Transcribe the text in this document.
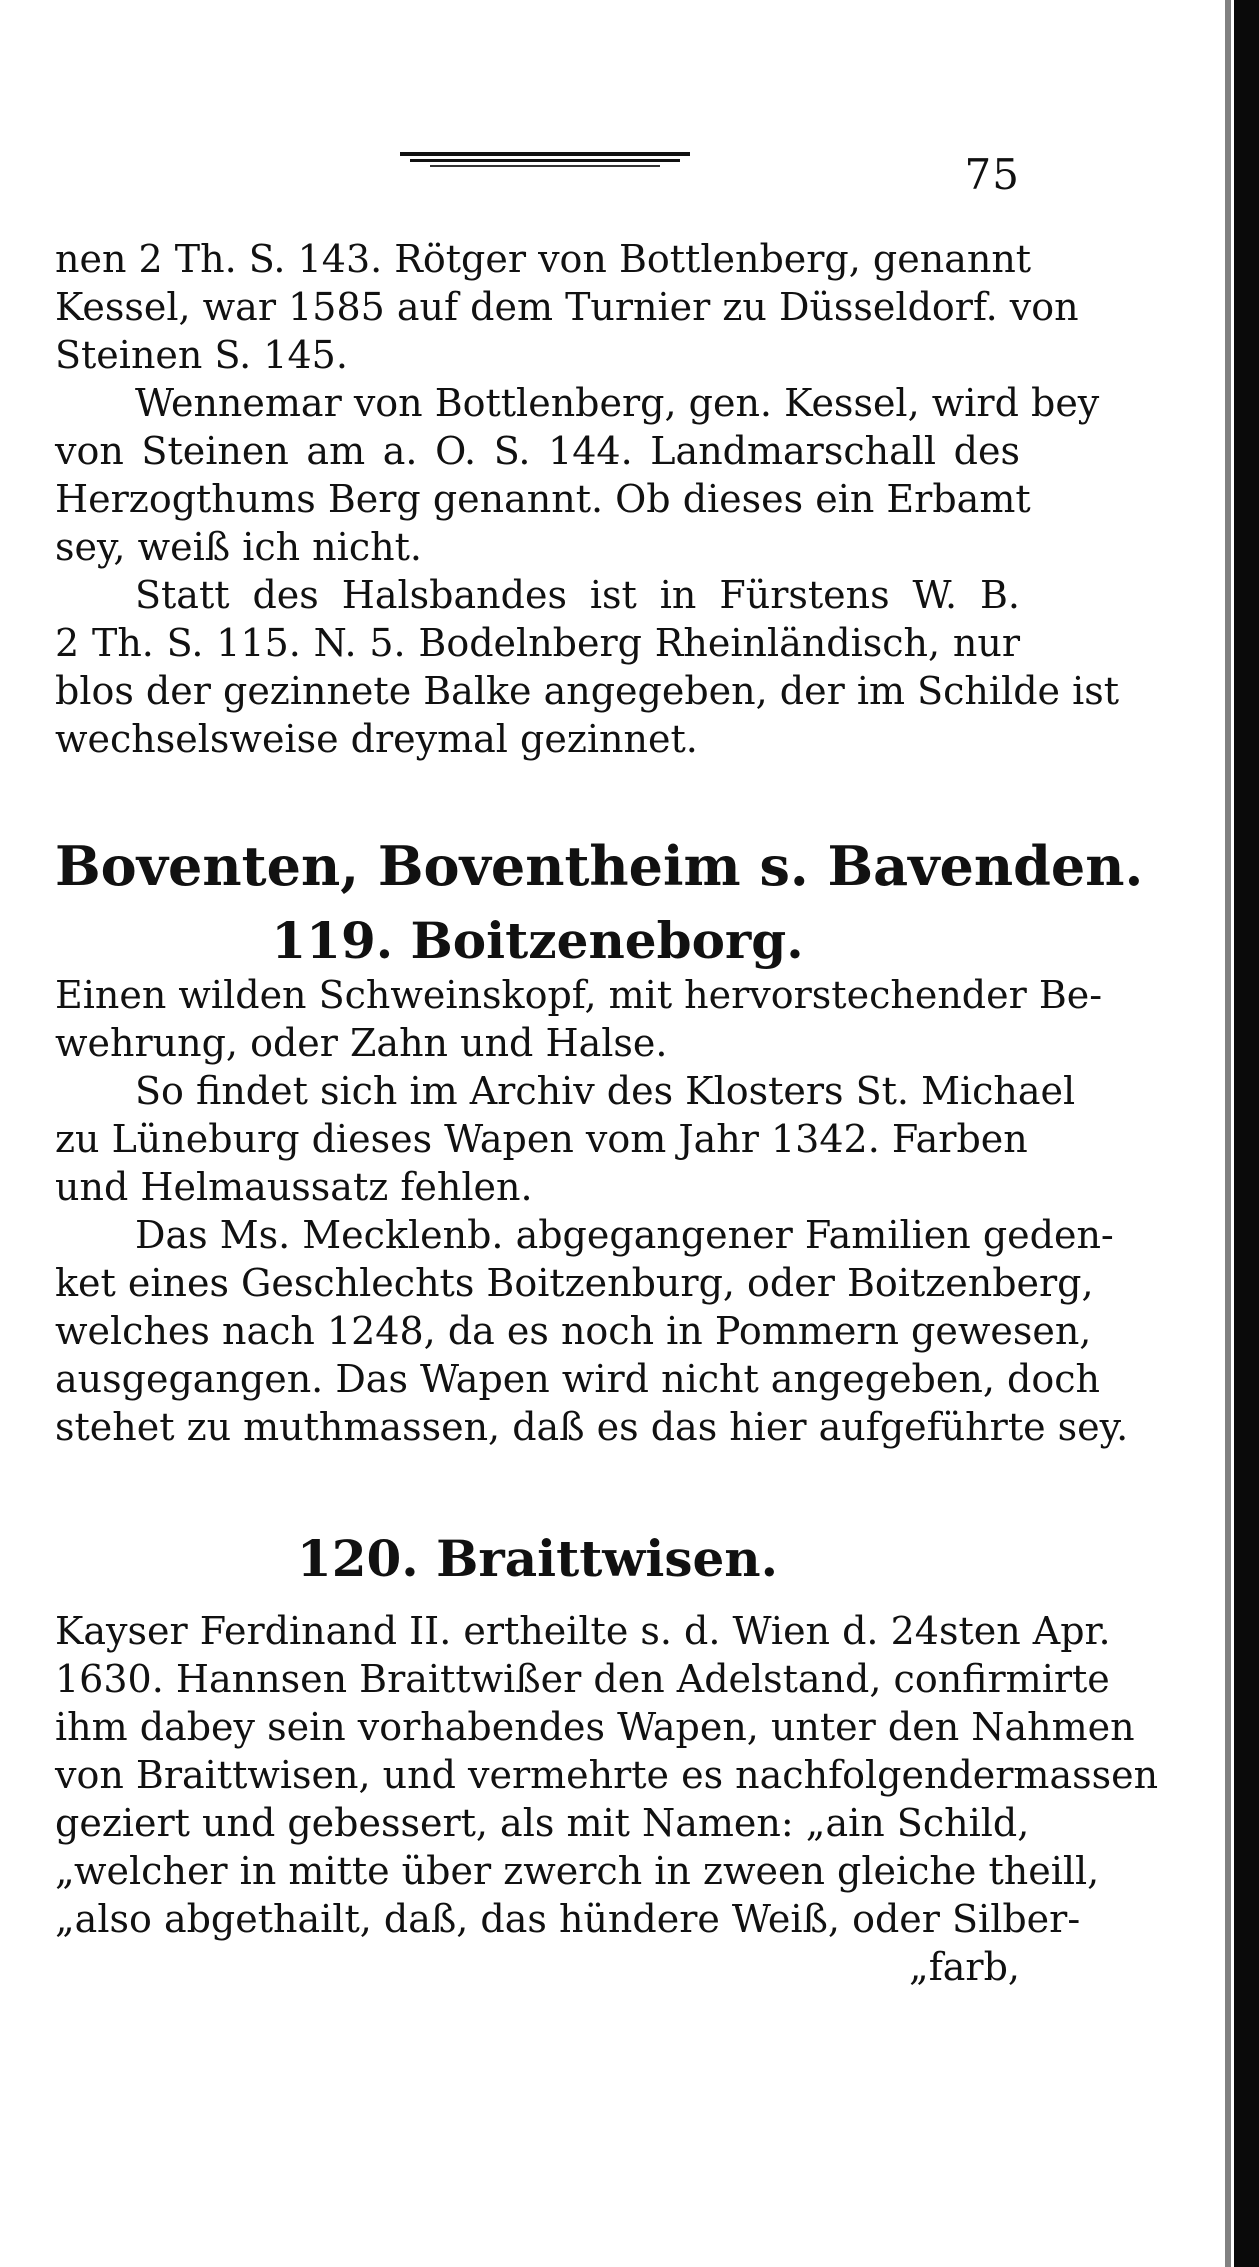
75

nen 2 Th. S. 143. Rötger von Bottlenberg, genannt

Kessel, war 1585 auf dem Turnier zu Düsseldorf. von

Steinen S. 145.

Wennemar von Bottlenberg, gen. Kessel, wird bey

von Steinen am a. O. S. 144. Landmarschall des

Herzogthums Berg genannt. Ob dieses ein Erbamt

sey, weiß ich nicht.

Statt des Halsbandes ist in Fürstens W. B.

2 Th. S. 115. N. 5. Bodelnberg Rheinländisch, nur

blos der gezinnete Balke angegeben, der im Schilde ist

wechselsweise dreymal gezinnet.

Boventen, Boventheim s. Bavenden.
119. Boitzeneborg.

Einen wilden Schweinskopf, mit hervorstechender Be-

wehrung, oder Zahn und Halse.

So findet sich im Archiv des Klosters St. Michael

zu Lüneburg dieses Wapen vom Jahr 1342. Farben

und Helmaussatz fehlen.

Das Ms. Mecklenb. abgegangener Familien geden-

ket eines Geschlechts Boitzenburg, oder Boitzenberg,

welches nach 1248, da es noch in Pommern gewesen,

ausgegangen. Das Wapen wird nicht angegeben, doch

stehet zu muthmassen, daß es das hier aufgeführte sey.

120. Braittwisen.

Kayser Ferdinand II. ertheilte s. d. Wien d. 24sten Apr.

1630. Hannsen Braittwißer den Adelstand, confirmirte

ihm dabey sein vorhabendes Wapen, unter den Nahmen

von Braittwisen, und vermehrte es nachfolgendermassen

geziert und gebessert, als mit Namen: „ain Schild,

„welcher in mitte über zwerch in zween gleiche theill,

„also abgethailt, daß, das hündere Weiß, oder Silber-

„farb,
